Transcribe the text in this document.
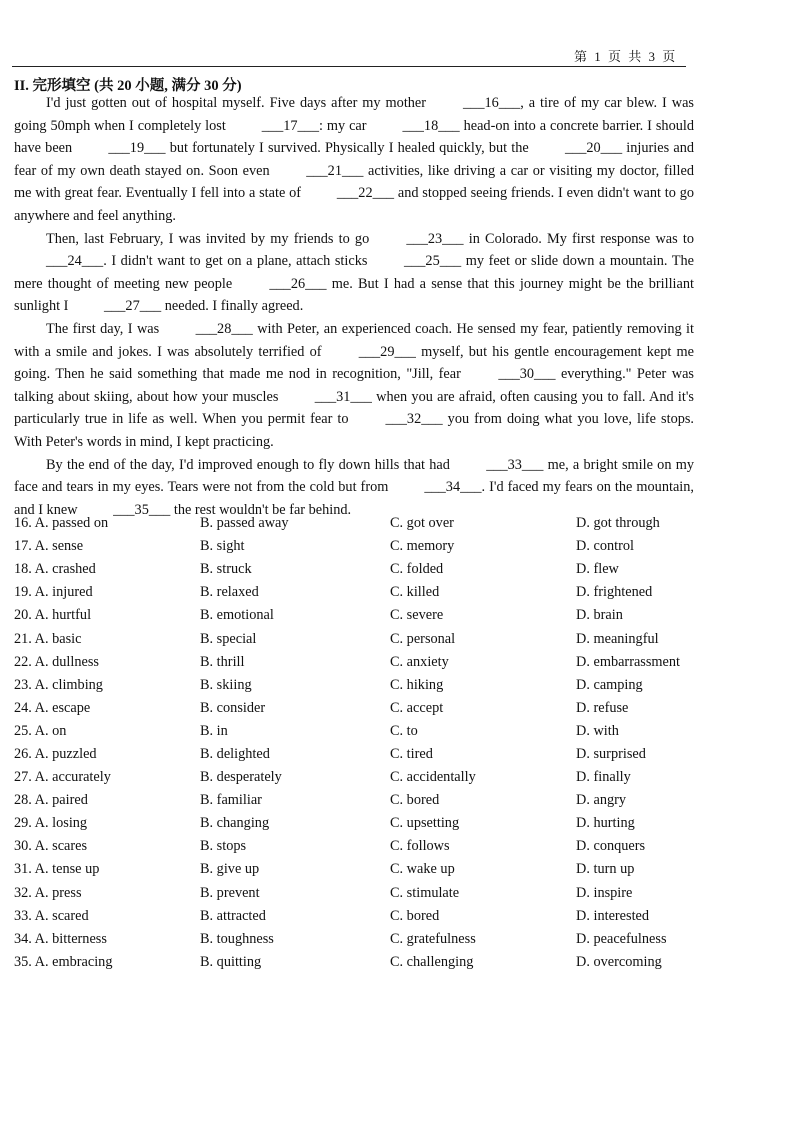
第 1 页 共 3 页
II. 完形填空 (共 20 小题, 满分 30 分)

I'd just gotten out of hospital myself. Five days after my mother ___16___, a tire of my car blew. I was going 50mph when I completely lost ___17___: my car ___18___ head-on into a concrete barrier. I should have been ___19___ but fortunately I survived. Physically I healed quickly, but the ___20___ injuries and fear of my own death stayed on. Soon even ___21___ activities, like driving a car or visiting my doctor, filled me with great fear. Eventually I fell into a state of ___22___ and stopped seeing friends. I even didn't want to go anywhere and feel anything.

Then, last February, I was invited by my friends to go ___23___ in Colorado. My first response was to ___24___. I didn't want to get on a plane, attach sticks ___25___ my feet or slide down a mountain. The mere thought of meeting new people ___26___ me. But I had a sense that this journey might be the brilliant sunlight I ___27___ needed. I finally agreed.

The first day, I was ___28___ with Peter, an experienced coach. He sensed my fear, patiently removing it with a smile and jokes. I was absolutely terrified of ___29___ myself, but his gentle encouragement kept me going. Then he said something that made me nod in recognition, "Jill, fear ___30___ everything." Peter was talking about skiing, about how your muscles ___31___ when you are afraid, often causing you to fall. And it's particularly true in life as well. When you permit fear to ___32___ you from doing what you love, life stops. With Peter's words in mind, I kept practicing.

By the end of the day, I'd improved enough to fly down hills that had ___33___ me, a bright smile on my face and tears in my eyes. Tears were not from the cold but from ___34___. I'd faced my fears on the mountain, and I knew ___35___ the rest wouldn't be far behind.

16. A. passed on	B. passed away	C. got over	D. got through
17. A. sense	B. sight	C. memory	D. control
18. A. crashed	B. struck	C. folded	D. flew
19. A. injured	B. relaxed	C. killed	D. frightened
20. A. hurtful	B. emotional	C. severe	D. brain
21. A. basic	B. special	C. personal	D. meaningful
22. A. dullness	B. thrill	C. anxiety	D. embarrassment
23. A. climbing	B. skiing	C. hiking	D. camping
24. A. escape	B. consider	C. accept	D. refuse
25. A. on	B. in	C. to	D. with
26. A. puzzled	B. delighted	C. tired	D. surprised
27. A. accurately	B. desperately	C. accidentally	D. finally
28. A. paired	B. familiar	C. bored	D. angry
29. A. losing	B. changing	C. upsetting	D. hurting
30. A. scares	B. stops	C. follows	D. conquers
31. A. tense up	B. give up	C. wake up	D. turn up
32. A. press	B. prevent	C. stimulate	D. inspire
33. A. scared	B. attracted	C. bored	D. interested
34. A. bitterness	B. toughness	C. gratefulness	D. peacefulness
35. A. embracing	B. quitting	C. challenging	D. overcoming
